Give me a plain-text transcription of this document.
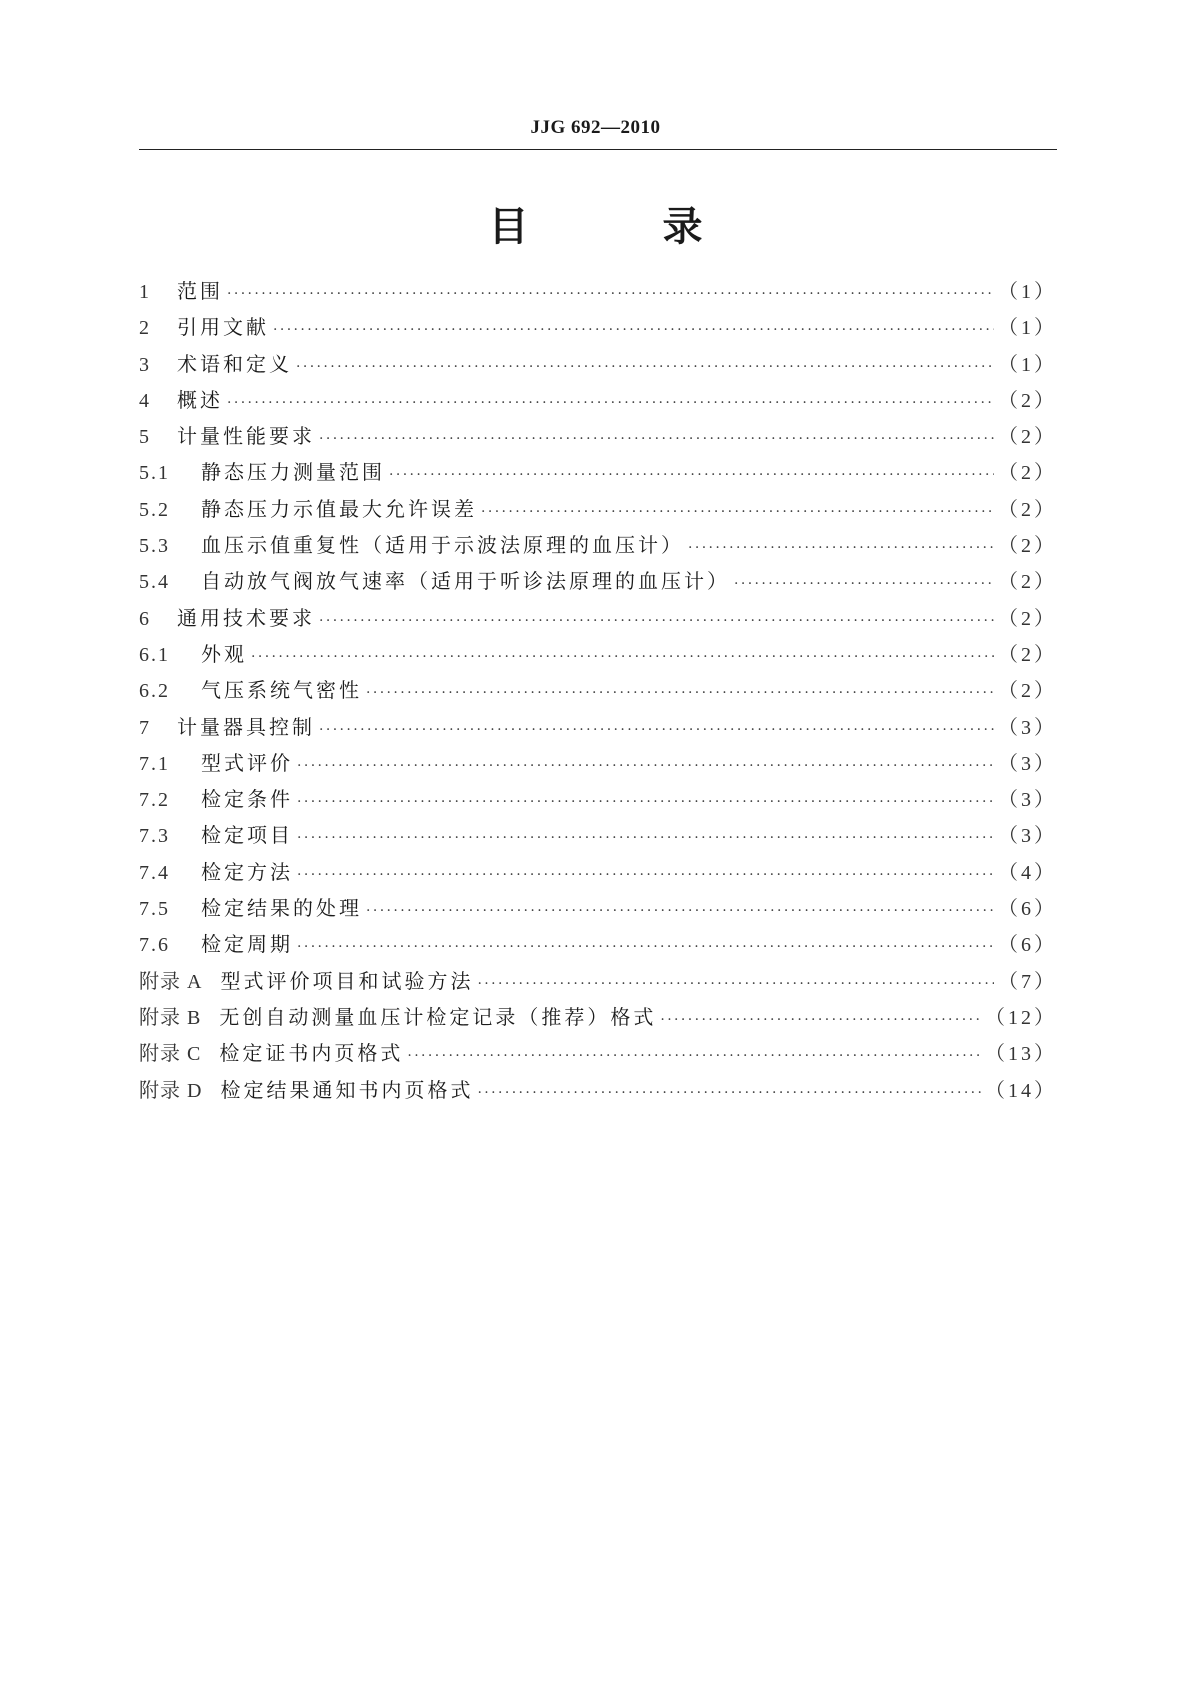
JJG 692—2010
目 录
1	范围 ·····	（1）
2	引用文献 ·····	（1）
3	术语和定义 ·····	（1）
4	概述 ·····	（2）
5	计量性能要求 ·····	（2）
5.1	静态压力测量范围 ·····	（2）
5.2	静态压力示值最大允许误差 ·····	（2）
5.3	血压示值重复性（适用于示波法原理的血压计） ·····	（2）
5.4	自动放气阀放气速率（适用于听诊法原理的血压计） ·····	（2）
6	通用技术要求 ·····	（2）
6.1	外观 ·····	（2）
6.2	气压系统气密性 ·····	（2）
7	计量器具控制 ·····	（3）
7.1	型式评价 ·····	（3）
7.2	检定条件 ·····	（3）
7.3	检定项目 ·····	（3）
7.4	检定方法 ·····	（4）
7.5	检定结果的处理 ·····	（6）
7.6	检定周期 ·····	（6）
附录 A 型式评价项目和试验方法 ·····	（7）
附录 B 无创自动测量血压计检定记录（推荐）格式 ·····	（12）
附录 C 检定证书内页格式 ·····	（13）
附录 D 检定结果通知书内页格式 ·····	（14）
